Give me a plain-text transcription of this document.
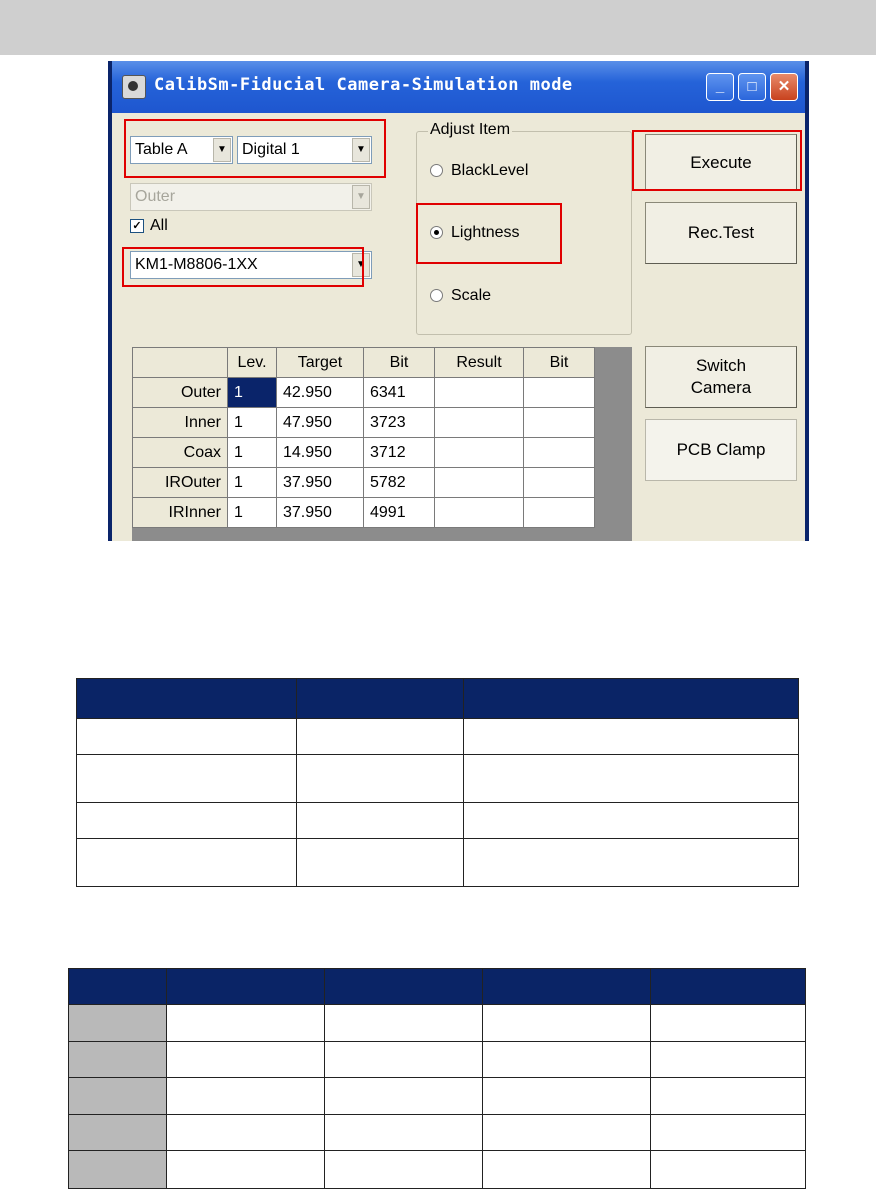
CalibSm-Fiducial Camera-Simulation mode	_	□	✕
Table A	▼ Digital 1	▼
Outer	▼
✓ All
KM1-M8806-1XX	▼
Adjust Item
BlackLevel
Lightness
Scale
Execute
Rec.Test
Switch
Camera
PCB Clamp
	Lev.	Target	Bit	Result	Bit
Outer	1	42.950	6341		
Inner	1	47.950	3723		
Coax	1	14.950	3712		
IROuter	1	37.950	5782		
IRInner	1	37.950	4991		
